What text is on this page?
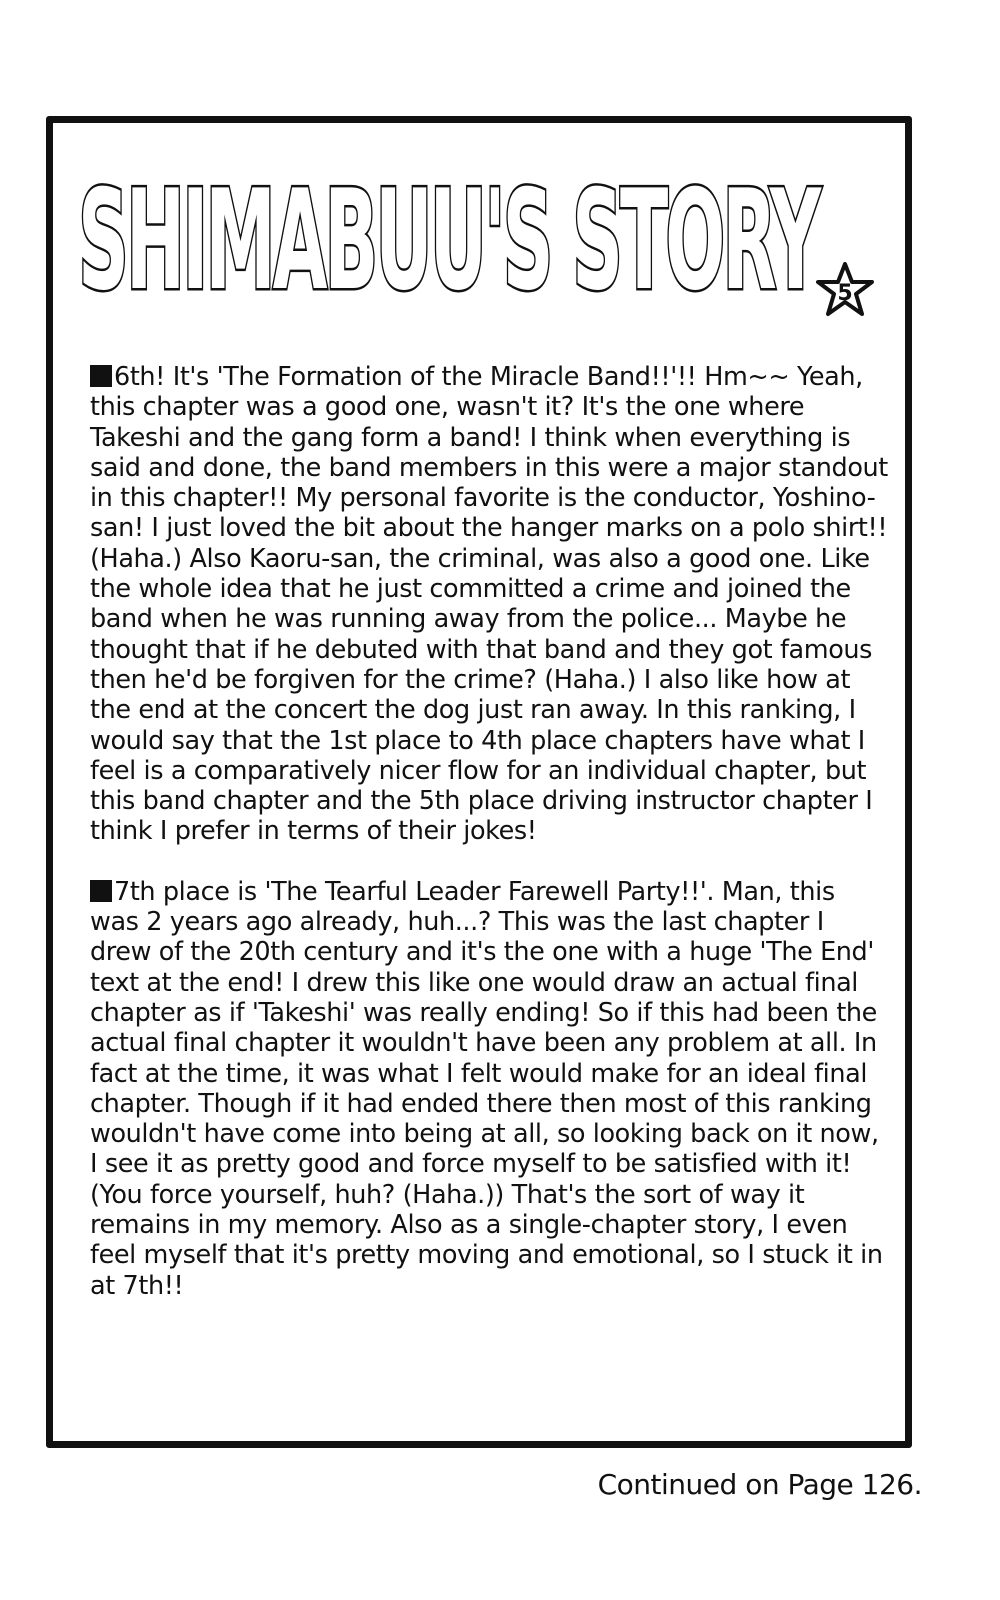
SHIMABUU'S STORY 5

6th! It's 'The Formation of the Miracle Band!!'!! Hm~~ Yeah, this chapter was a good one, wasn't it? It's the one where Takeshi and the gang form a band! I think when everything is said and done, the band members in this were a major standout in this chapter!! My personal favorite is the conductor, Yoshino-san! I just loved the bit about the hanger marks on a polo shirt!! (Haha.) Also Kaoru-san, the criminal, was also a good one. Like the whole idea that he just committed a crime and joined the band when he was running away from the police... Maybe he thought that if he debuted with that band and they got famous then he'd be forgiven for the crime? (Haha.) I also like how at the end at the concert the dog just ran away. In this ranking, I would say that the 1st place to 4th place chapters have what I feel is a comparatively nicer flow for an individual chapter, but this band chapter and the 5th place driving instructor chapter I think I prefer in terms of their jokes!

7th place is 'The Tearful Leader Farewell Party!!'. Man, this was 2 years ago already, huh...? This was the last chapter I drew of the 20th century and it's the one with a huge 'The End' text at the end! I drew this like one would draw an actual final chapter as if 'Takeshi' was really ending! So if this had been the actual final chapter it wouldn't have been any problem at all. In fact at the time, it was what I felt would make for an ideal final chapter. Though if it had ended there then most of this ranking wouldn't have come into being at all, so looking back on it now, I see it as pretty good and force myself to be satisfied with it! (You force yourself, huh? (Haha.)) That's the sort of way it remains in my memory. Also as a single-chapter story, I even feel myself that it's pretty moving and emotional, so I stuck it in at 7th!!

Continued on Page 126.
